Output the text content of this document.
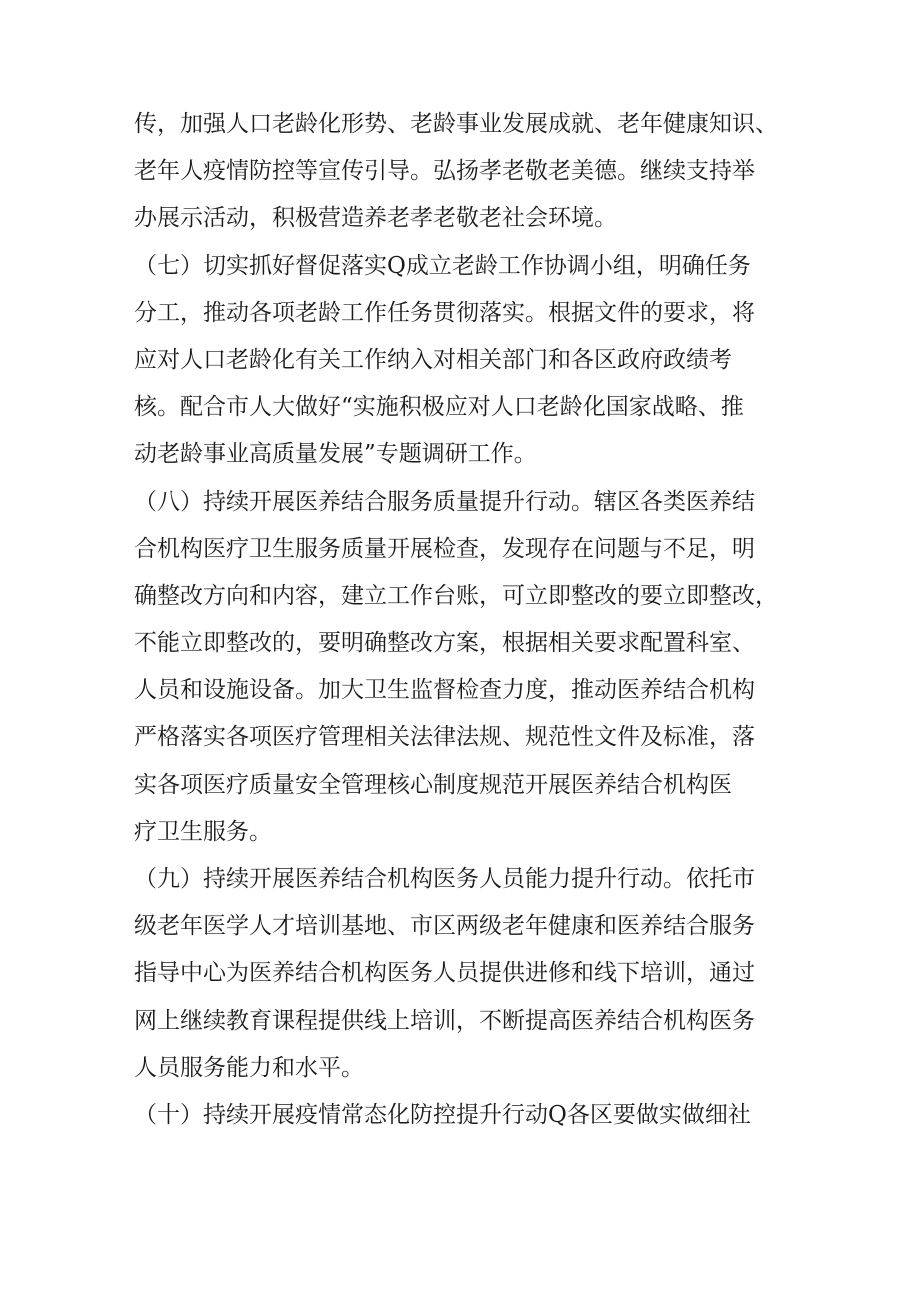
传，加强人口老龄化形势、老龄事业发展成就、老年健康知识、
老年人疫情防控等宣传引导。弘扬孝老敬老美德。继续支持举
办展示活动，积极营造养老孝老敬老社会环境。
（七）切实抓好督促落实Q成立老龄工作协调小组，明确任务
分工，推动各项老龄工作任务贯彻落实。根据文件的要求，将
应对人口老龄化有关工作纳入对相关部门和各区政府政绩考
核。配合市人大做好“实施积极应对人口老龄化国家战略、推
动老龄事业高质量发展”专题调研工作。
（八）持续开展医养结合服务质量提升行动。辖区各类医养结
合机构医疗卫生服务质量开展检查，发现存在问题与不足，明
确整改方向和内容，建立工作台账，可立即整改的要立即整改，
不能立即整改的，要明确整改方案，根据相关要求配置科室、
人员和设施设备。加大卫生监督检查力度，推动医养结合机构
严格落实各项医疗管理相关法律法规、规范性文件及标准，落
实各项医疗质量安全管理核心制度规范开展医养结合机构医
疗卫生服务。
（九）持续开展医养结合机构医务人员能力提升行动。依托市
级老年医学人才培训基地、市区两级老年健康和医养结合服务
指导中心为医养结合机构医务人员提供进修和线下培训，通过
网上继续教育课程提供线上培训，不断提高医养结合机构医务
人员服务能力和水平。
（十）持续开展疫情常态化防控提升行动Q各区要做实做细社
